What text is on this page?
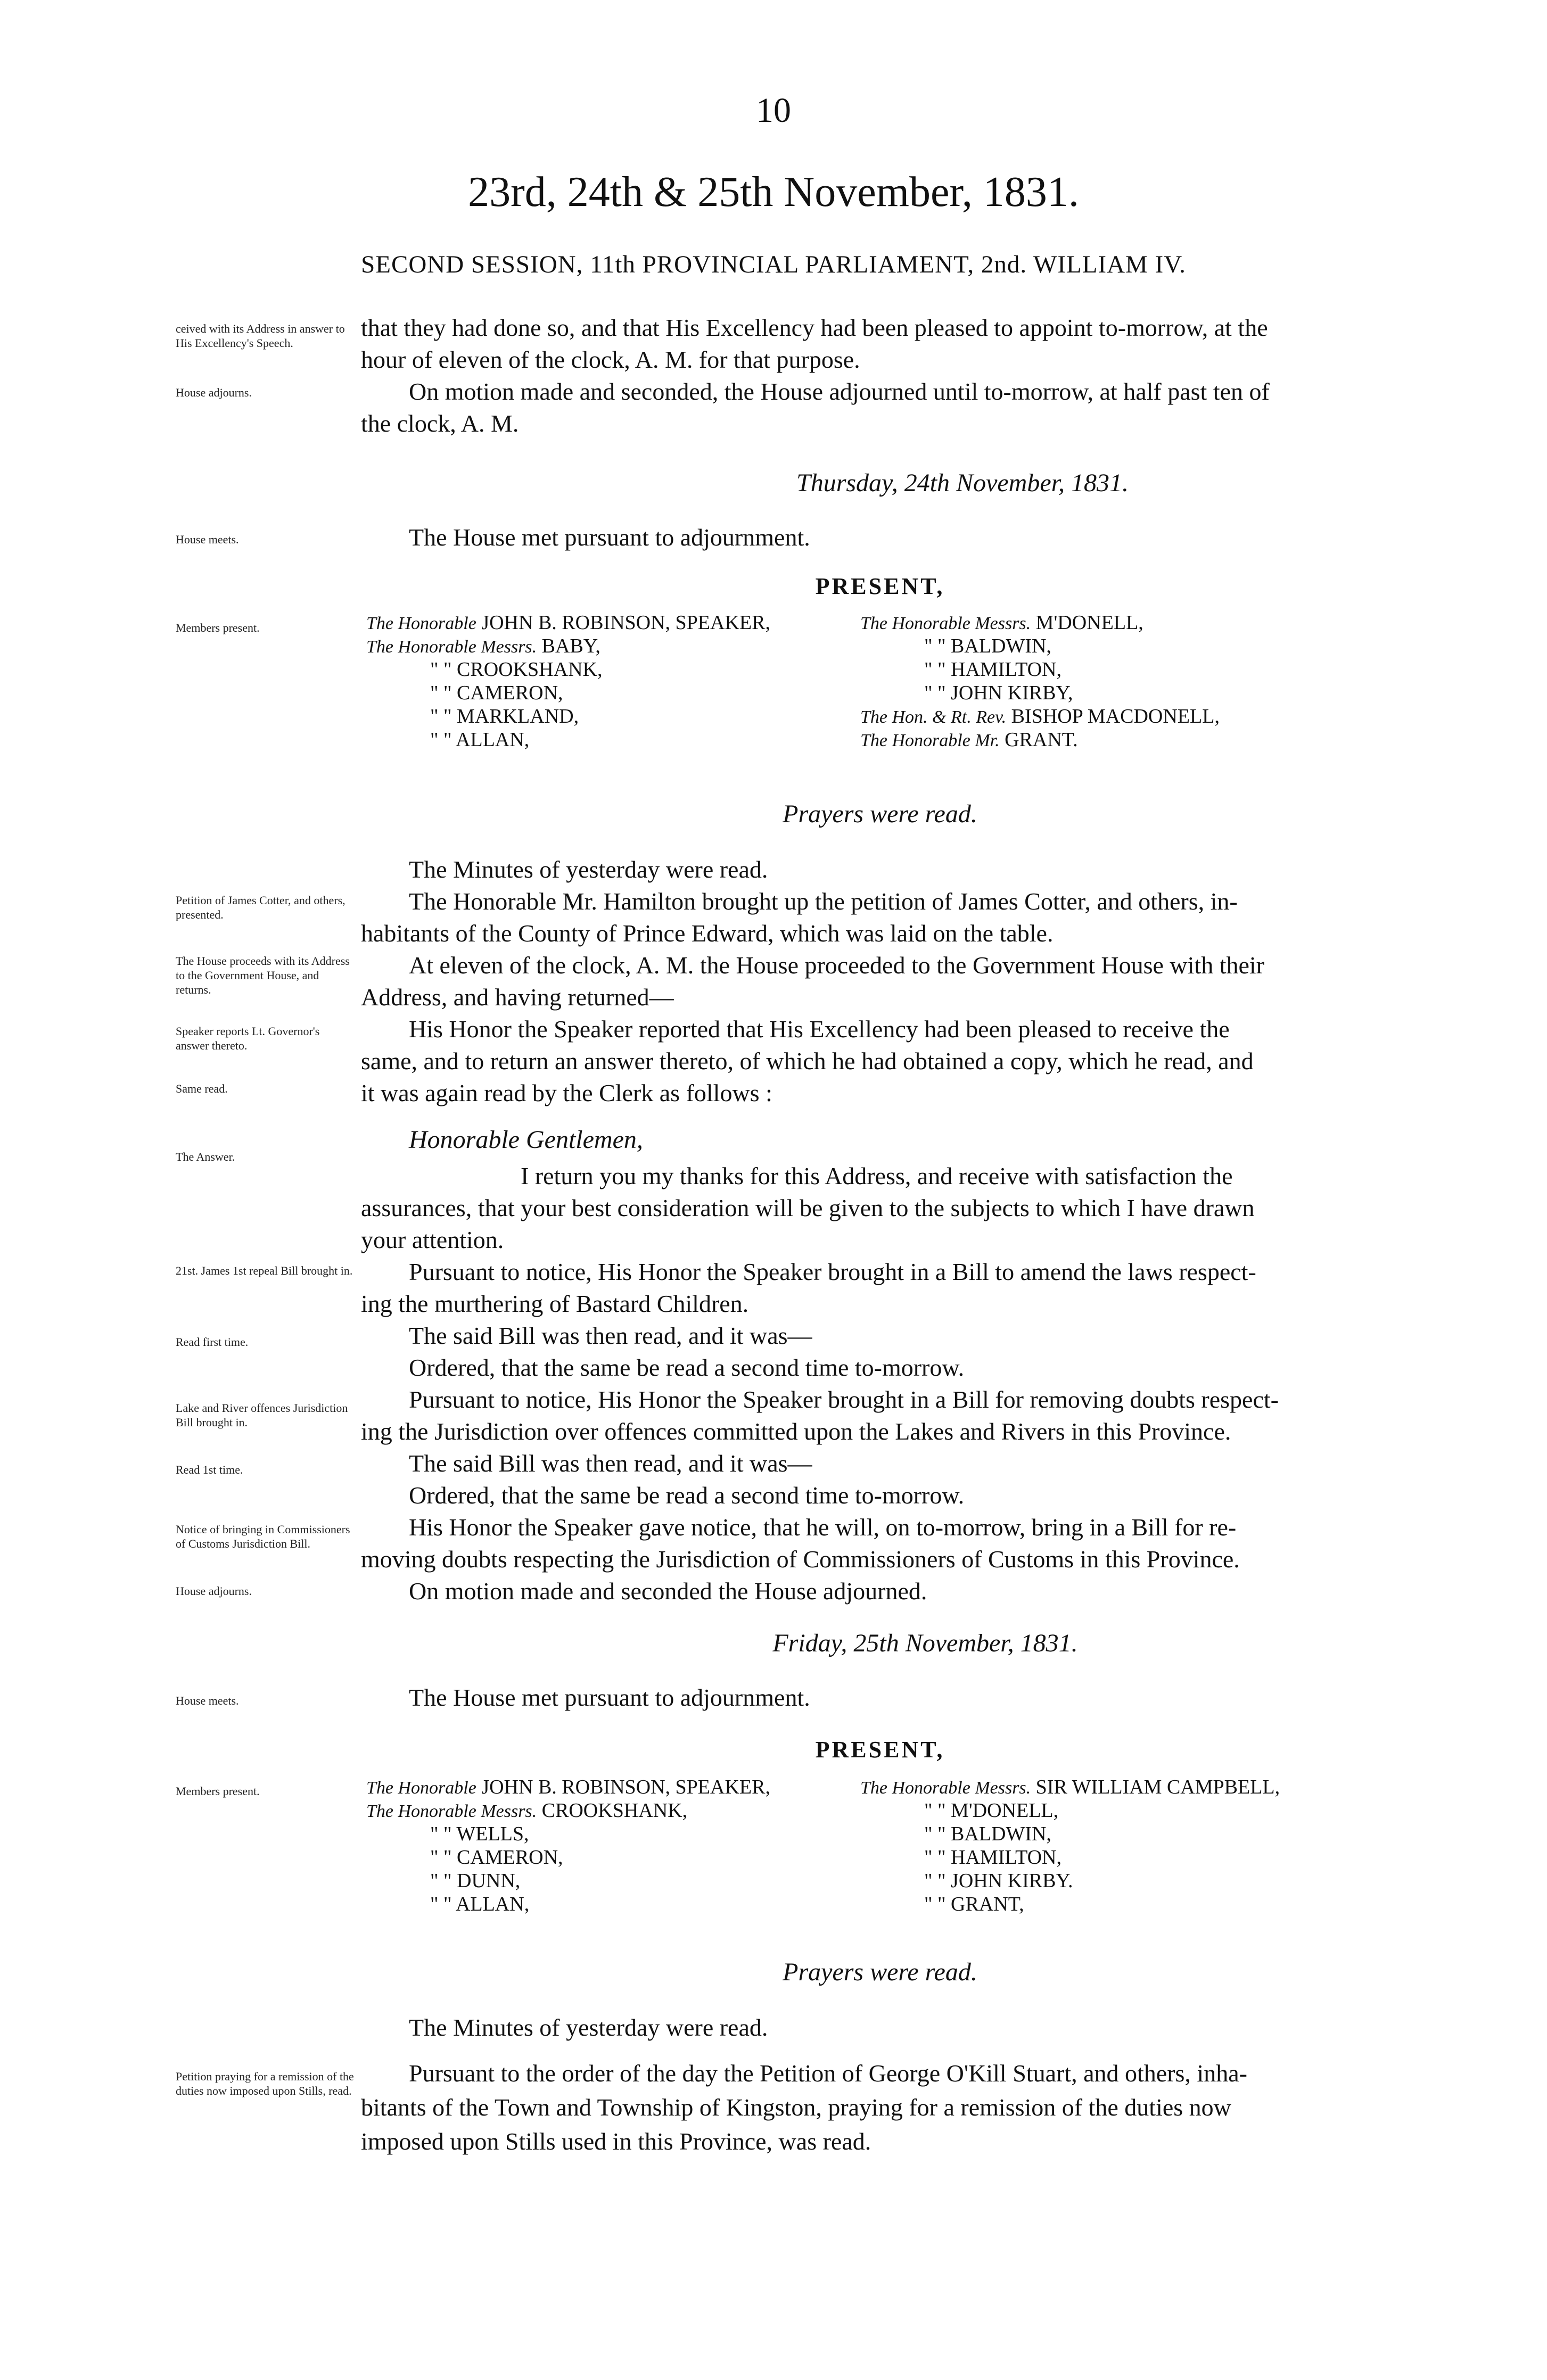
10
23rd, 24th & 25th November, 1831.
SECOND SESSION, 11th PROVINCIAL PARLIAMENT, 2nd. WILLIAM IV.
ceived with its Address in answer to His Excellency's Speech.
House adjourns.
House meets.
Members present.
Petition of James Cotter, and others, presented.
The House proceeds with its Address to the Government House, and returns.
Speaker reports Lt. Governor's answer thereto.
Same read.
The Answer.
21st. James 1st repeal Bill brought in.
Read first time.
Lake and River offences Jurisdiction Bill brought in.
Read 1st time.
Notice of bringing in Commissioners of Customs Jurisdiction Bill.
House adjourns.
House meets.
Members present.
Petition praying for a remission of the duties now imposed upon Stills, read.
that they had done so, and that His Excellency had been pleased to appoint to-morrow, at the
hour of eleven of the clock, A. M. for that purpose.
On motion made and seconded, the House adjourned until to-morrow, at half past ten of
the clock, A. M.
Thursday, 24th November, 1831.
The House met pursuant to adjournment.
PRESENT,
The Honorable JOHN B. ROBINSON, SPEAKER,
The Honorable Messrs. BABY,
" " CROOKSHANK,
" " CAMERON,
" " MARKLAND,
" " ALLAN,
The Honorable Messrs. M'DONELL,
" " BALDWIN,
" " HAMILTON,
" " JOHN KIRBY,
The Hon. & Rt. Rev. BISHOP MACDONELL,
The Honorable Mr. GRANT.
Prayers were read.
The Minutes of yesterday were read.
The Honorable Mr. Hamilton brought up the petition of James Cotter, and others, in-
habitants of the County of Prince Edward, which was laid on the table.
At eleven of the clock, A. M. the House proceeded to the Government House with their
Address, and having returned—
His Honor the Speaker reported that His Excellency had been pleased to receive the
same, and to return an answer thereto, of which he had obtained a copy, which he read, and
it was again read by the Clerk as follows :
Honorable Gentlemen,
I return you my thanks for this Address, and receive with satisfaction the
assurances, that your best consideration will be given to the subjects to which I have drawn
your attention.
Pursuant to notice, His Honor the Speaker brought in a Bill to amend the laws respect-
ing the murthering of Bastard Children.
The said Bill was then read, and it was—
Ordered, that the same be read a second time to-morrow.
Pursuant to notice, His Honor the Speaker brought in a Bill for removing doubts respect-
ing the Jurisdiction over offences committed upon the Lakes and Rivers in this Province.
The said Bill was then read, and it was—
Ordered, that the same be read a second time to-morrow.
His Honor the Speaker gave notice, that he will, on to-morrow, bring in a Bill for re-
moving doubts respecting the Jurisdiction of Commissioners of Customs in this Province.
On motion made and seconded the House adjourned.
Friday, 25th November, 1831.
The House met pursuant to adjournment.
PRESENT,
The Honorable JOHN B. ROBINSON, SPEAKER,
The Honorable Messrs. CROOKSHANK,
" " WELLS,
" " CAMERON,
" " DUNN,
" " ALLAN,
The Honorable Messrs. SIR WILLIAM CAMPBELL,
" " M'DONELL,
" " BALDWIN,
" " HAMILTON,
" " JOHN KIRBY.
" " GRANT,
Prayers were read.
The Minutes of yesterday were read.
Pursuant to the order of the day the Petition of George O'Kill Stuart, and others, inha-
bitants of the Town and Township of Kingston, praying for a remission of the duties now
imposed upon Stills used in this Province, was read.
